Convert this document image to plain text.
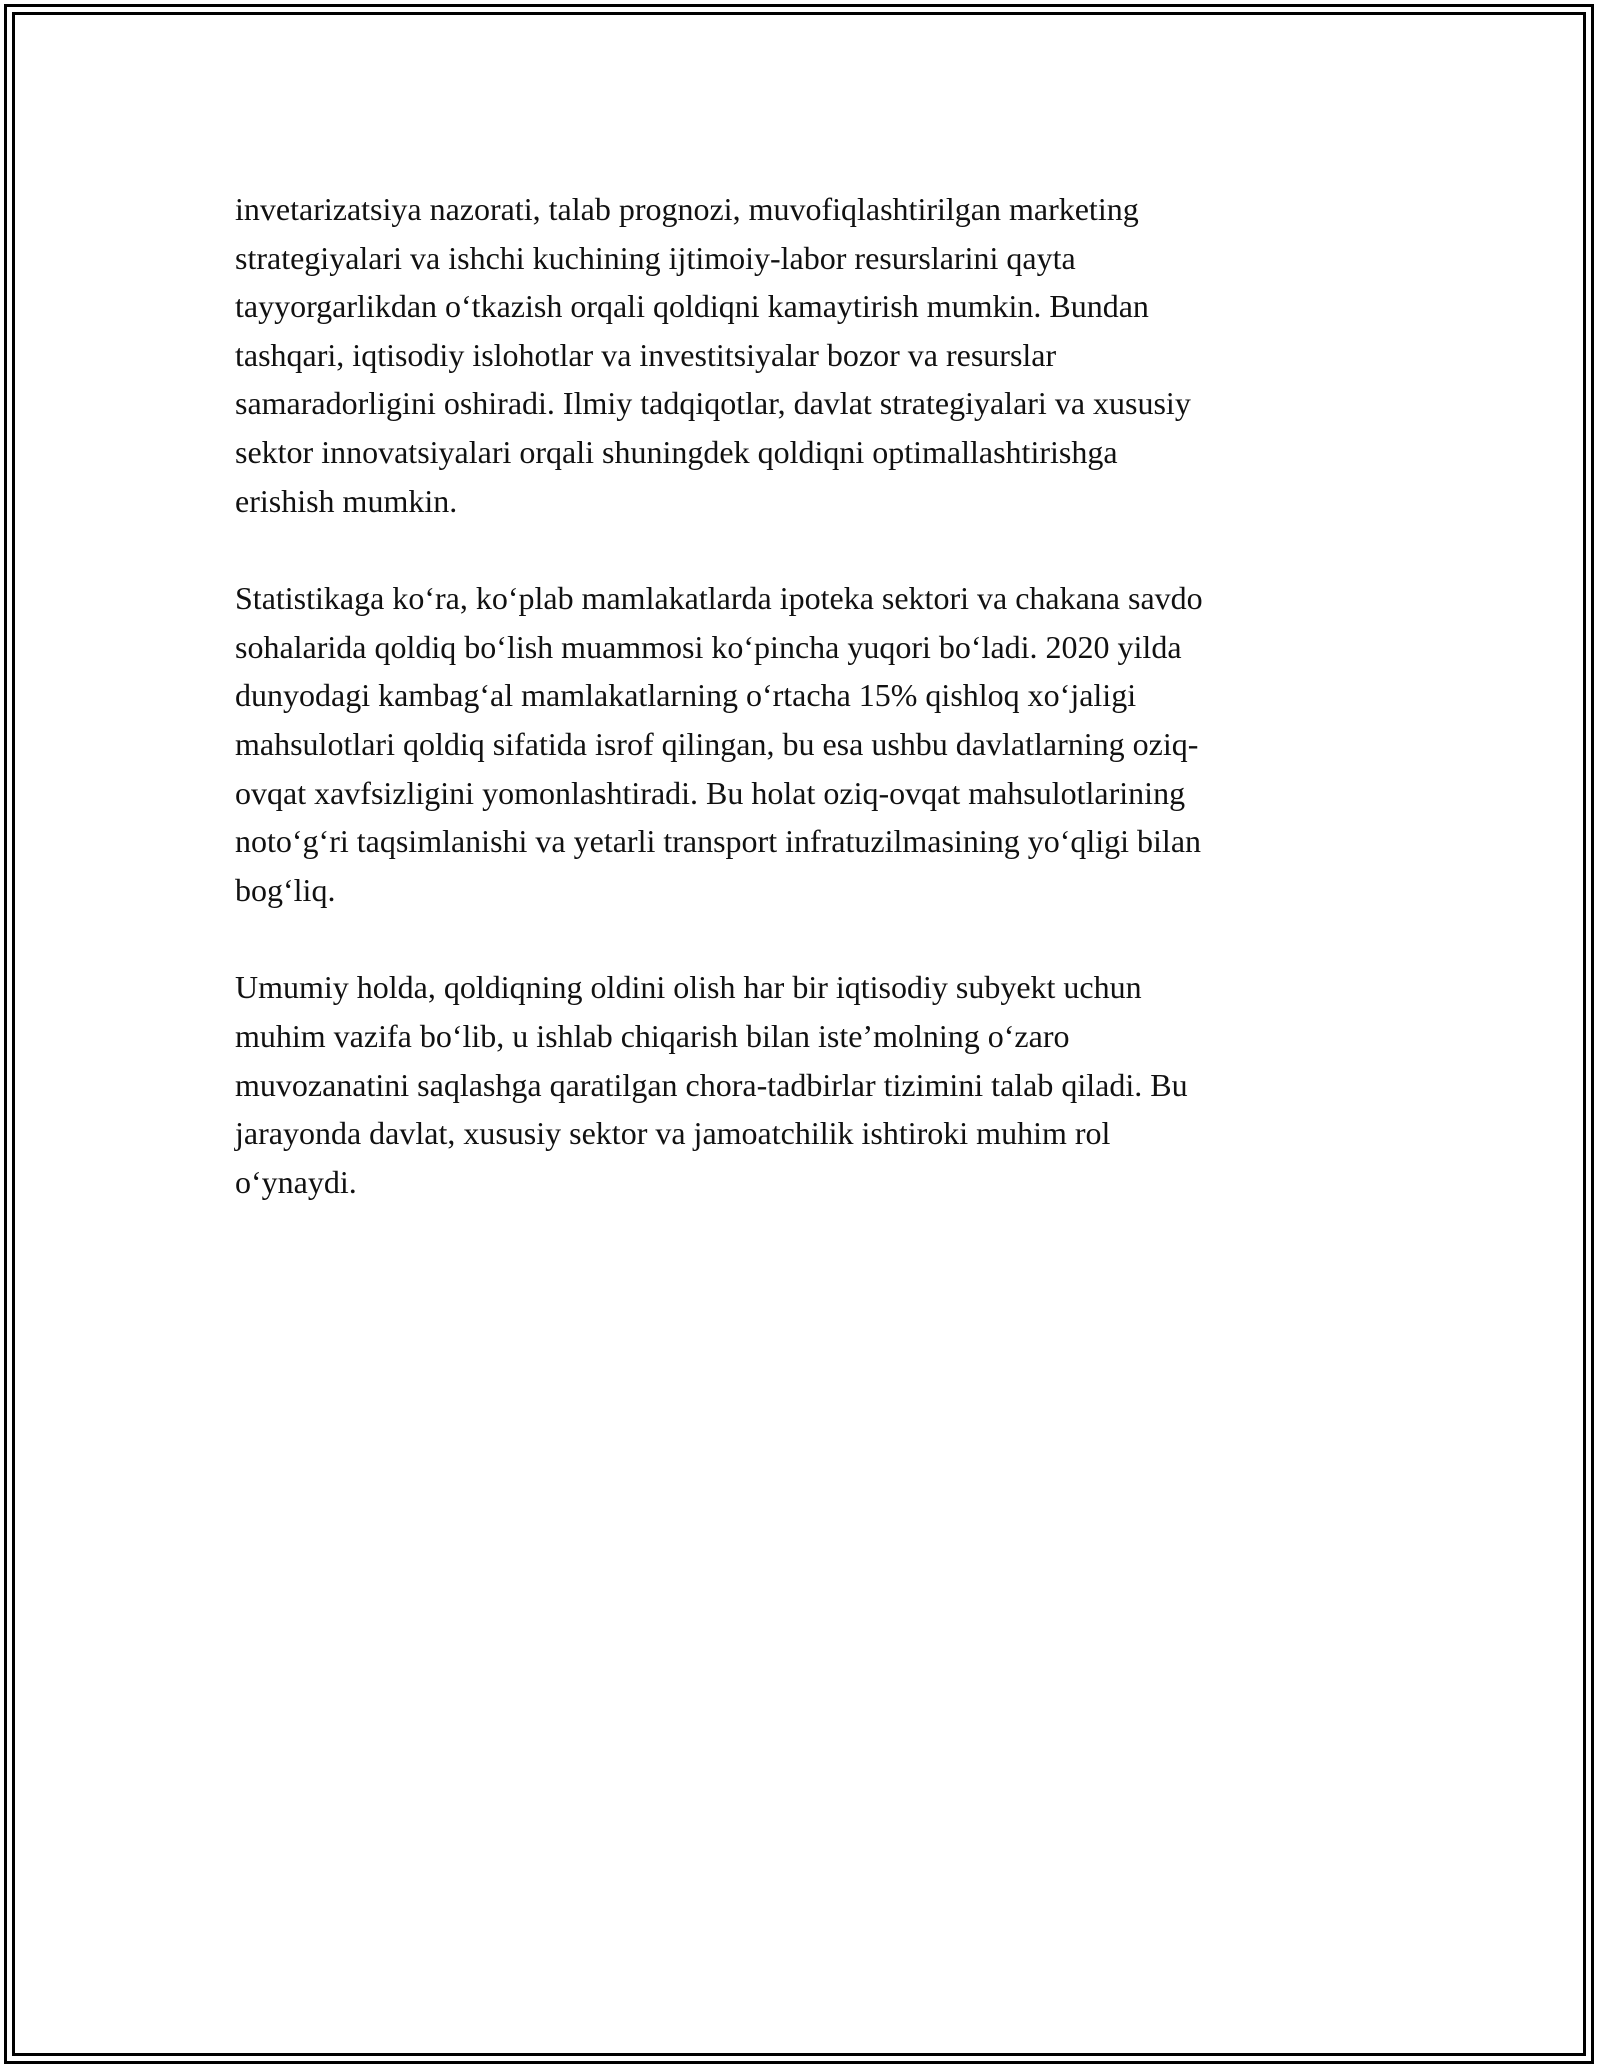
invetarizatsiya nazorati, talab prognozi, muvofiqlashtirilgan marketing
strategiyalari va ishchi kuchining ijtimoiy-labor resurslarini qayta
tayyorgarlikdan o‘tkazish orqali qoldiqni kamaytirish mumkin. Bundan
tashqari, iqtisodiy islohotlar va investitsiyalar bozor va resurslar
samaradorligini oshiradi. Ilmiy tadqiqotlar, davlat strategiyalari va xususiy
sektor innovatsiyalari orqali shuningdek qoldiqni optimallashtirishga
erishish mumkin.

Statistikaga ko‘ra, ko‘plab mamlakatlarda ipoteka sektori va chakana savdo
sohalarida qoldiq bo‘lish muammosi ko‘pincha yuqori bo‘ladi. 2020 yilda
dunyodagi kambag‘al mamlakatlarning o‘rtacha 15% qishloq xo‘jaligi
mahsulotlari qoldiq sifatida isrof qilingan, bu esa ushbu davlatlarning oziq-
ovqat xavfsizligini yomonlashtiradi. Bu holat oziq-ovqat mahsulotlarining
noto‘g‘ri taqsimlanishi va yetarli transport infratuzilmasining yo‘qligi bilan
bog‘liq.

Umumiy holda, qoldiqning oldini olish har bir iqtisodiy subyekt uchun
muhim vazifa bo‘lib, u ishlab chiqarish bilan iste’molning o‘zaro
muvozanatini saqlashga qaratilgan chora-tadbirlar tizimini talab qiladi. Bu
jarayonda davlat, xususiy sektor va jamoatchilik ishtiroki muhim rol
o‘ynaydi.
